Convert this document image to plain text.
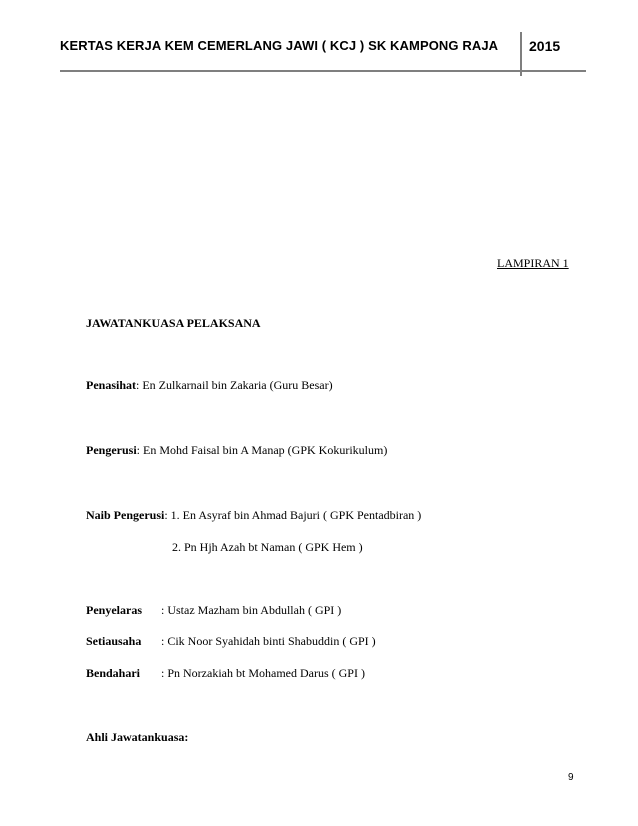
KERTAS KERJA KEM CEMERLANG JAWI ( KCJ ) SK KAMPONG RAJA 2015
LAMPIRAN 1
JAWATANKUASA PELAKSANA
Penasihat: En Zulkarnail bin Zakaria (Guru Besar)
Pengerusi: En Mohd Faisal bin A Manap (GPK Kokurikulum)
Naib Pengerusi: 1. En Asyraf bin Ahmad Bajuri ( GPK Pentadbiran )
2. Pn Hjh Azah bt Naman ( GPK Hem )
Penyelaras : Ustaz Mazham bin Abdullah ( GPI )
Setiausaha : Cik Noor Syahidah binti Shabuddin ( GPI )
Bendahari : Pn Norzakiah bt Mohamed Darus ( GPI )
Ahli Jawatankuasa:
9
